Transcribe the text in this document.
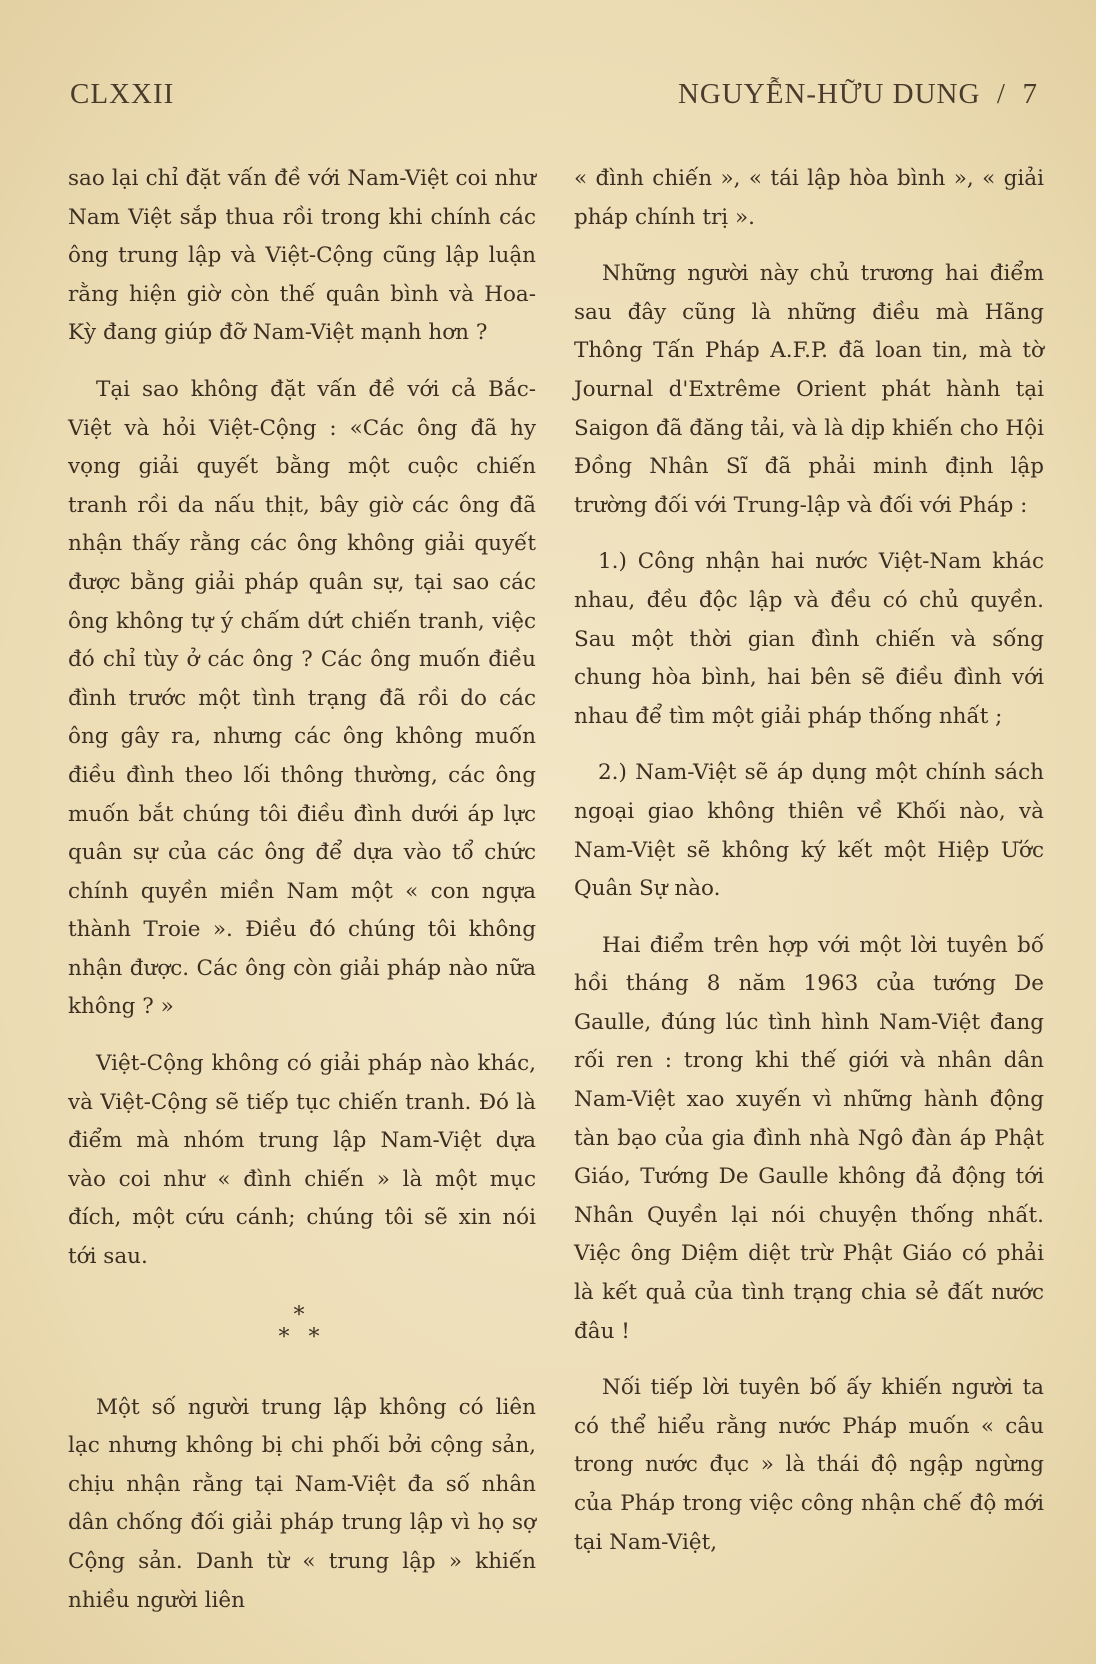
CLXXII	NGUYỄN-HỮU DUNG  /  7

sao lại chỉ đặt vấn đề với Nam-Việt coi như Nam Việt sắp thua rồi trong khi chính các ông trung lập và Việt-Cộng cũng lập luận rằng hiện giờ còn thế quân bình và Hoa-Kỳ đang giúp đỡ Nam-Việt mạnh hơn ?

Tại sao không đặt vấn đề với cả Bắc-Việt và hỏi Việt-Cộng : «Các ông đã hy vọng giải quyết bằng một cuộc chiến tranh rồi da nấu thịt, bây giờ các ông đã nhận thấy rằng các ông không giải quyết được bằng giải pháp quân sự, tại sao các ông không tự ý chấm dứt chiến tranh, việc đó chỉ tùy ở các ông ? Các ông muốn điều đình trước một tình trạng đã rồi do các ông gây ra, nhưng các ông không muốn điều đình theo lối thông thường, các ông muốn bắt chúng tôi điều đình dưới áp lực quân sự của các ông để dựa vào tổ chức chính quyền miền Nam một « con ngựa thành Troie ». Điều đó chúng tôi không nhận được. Các ông còn giải pháp nào nữa không ? »

Việt-Cộng không có giải pháp nào khác, và Việt-Cộng sẽ tiếp tục chiến tranh. Đó là điểm mà nhóm trung lập Nam-Việt dựa vào coi như « đình chiến » là một mục đích, một cứu cánh; chúng tôi sẽ xin nói tới sau.

*
* *

Một số người trung lập không có liên lạc nhưng không bị chi phối bởi cộng sản, chịu nhận rằng tại Nam-Việt đa số nhân dân chống đối giải pháp trung lập vì họ sợ Cộng sản. Danh từ « trung lập » khiến nhiều người liên

« đình chiến », « tái lập hòa bình », « giải pháp chính trị ».

Những người này chủ trương hai điểm sau đây cũng là những điều mà Hãng Thông Tấn Pháp A.F.P. đã loan tin, mà tờ Journal d'Extrême Orient phát hành tại Saigon đã đăng tải, và là dịp khiến cho Hội Đồng Nhân Sĩ đã phải minh định lập trường đối với Trung-lập và đối với Pháp :

1.) Công nhận hai nước Việt-Nam khác nhau, đều độc lập và đều có chủ quyền. Sau một thời gian đình chiến và sống chung hòa bình, hai bên sẽ điều đình với nhau để tìm một giải pháp thống nhất ;

2.) Nam-Việt sẽ áp dụng một chính sách ngoại giao không thiên về Khối nào, và Nam-Việt sẽ không ký kết một Hiệp Ước Quân Sự nào.

Hai điểm trên hợp với một lời tuyên bố hồi tháng 8 năm 1963 của tướng De Gaulle, đúng lúc tình hình Nam-Việt đang rối ren : trong khi thế giới và nhân dân Nam-Việt xao xuyến vì những hành động tàn bạo của gia đình nhà Ngô đàn áp Phật Giáo, Tướng De Gaulle không đả động tới Nhân Quyền lại nói chuyện thống nhất. Việc ông Diệm diệt trừ Phật Giáo có phải là kết quả của tình trạng chia sẻ đất nước đâu !

Nối tiếp lời tuyên bố ấy khiến người ta có thể hiểu rằng nước Pháp muốn « câu trong nước đục » là thái độ ngập ngừng của Pháp trong việc công nhận chế độ mới tại Nam-Việt,
